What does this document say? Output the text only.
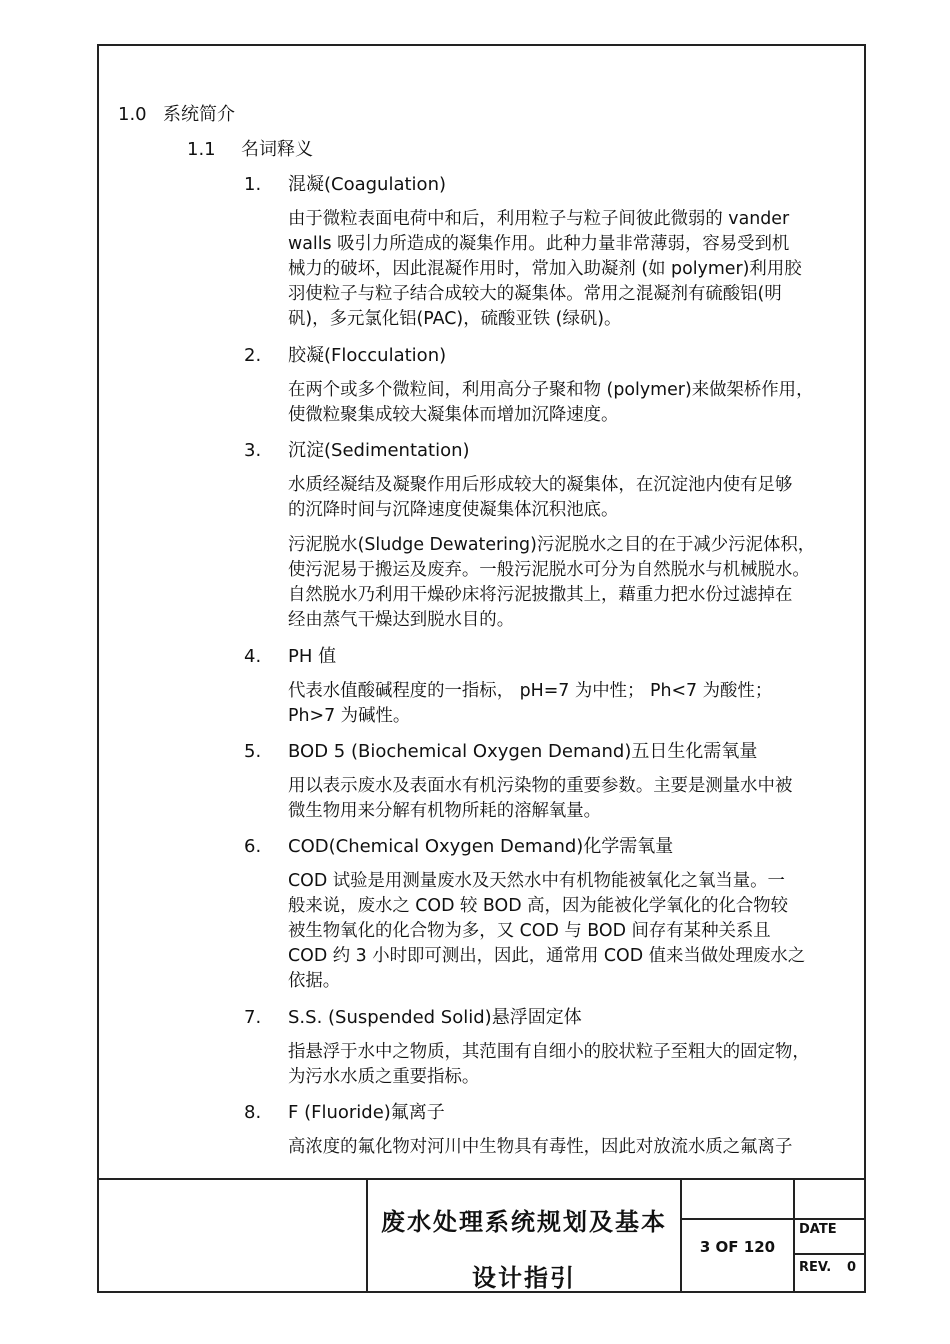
1.0 系统简介
1.1 名词释义
1. 混凝(Coagulation)
由于微粒表面电荷中和后，利用粒子与粒子间彼此微弱的 vander
walls 吸引力所造成的凝集作用。此种力量非常薄弱，容易受到机
械力的破坏，因此混凝作用时，常加入助凝剂 (如 polymer)利用胶
羽使粒子与粒子结合成较大的凝集体。常用之混凝剂有硫酸铝(明
矾)，多元氯化铝(PAC)，硫酸亚铁 (绿矾)。
2. 胶凝(Flocculation)
在两个或多个微粒间，利用高分子聚和物 (polymer)来做架桥作用，
使微粒聚集成较大凝集体而增加沉降速度。
3. 沉淀(Sedimentation)
水质经凝结及凝聚作用后形成较大的凝集体，在沉淀池内使有足够
的沉降时间与沉降速度使凝集体沉积池底。
污泥脱水(Sludge Dewatering)污泥脱水之目的在于减少污泥体积，
使污泥易于搬运及废弃。一般污泥脱水可分为自然脱水与机械脱水。
自然脱水乃利用干燥砂床将污泥披撒其上，藉重力把水份过滤掉在
经由蒸气干燥达到脱水目的。
4. PH 值
代表水值酸碱程度的一指标， pH=7 为中性； Ph<7 为酸性；
Ph>7 为碱性。
5. BOD 5 (Biochemical Oxygen Demand)五日生化需氧量
用以表示废水及表面水有机污染物的重要参数。主要是测量水中被
微生物用来分解有机物所耗的溶解氧量。
6. COD(Chemical Oxygen Demand)化学需氧量
COD 试验是用测量废水及天然水中有机物能被氧化之氧当量。一
般来说，废水之 COD 较 BOD 高，因为能被化学氧化的化合物较
被生物氧化的化合物为多，又 COD 与 BOD 间存有某种关系且
COD 约 3 小时即可测出，因此，通常用 COD 值来当做处理废水之
依据。
7. S.S. (Suspended Solid)悬浮固定体
指悬浮于水中之物质，其范围有自细小的胶状粒子至粗大的固定物，
为污水水质之重要指标。
8. F (Fluoride)氟离子
高浓度的氟化物对河川中生物具有毒性，因此对放流水质之氟离子
废水处理系统规划及基本
设计指引
3 OF 120
DATE
REV. 0
